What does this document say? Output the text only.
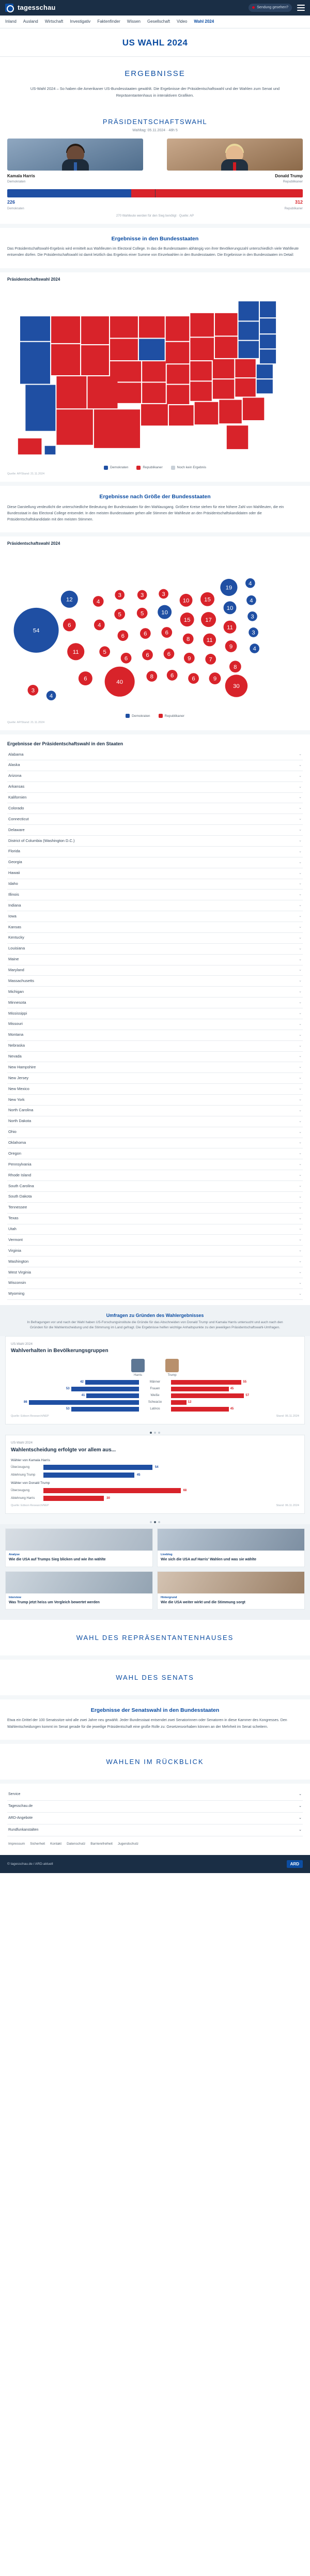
tagesschau	Sendung gesehen?
Inland Ausland Wirtschaft Investigativ Faktenfinder Wissen Gesellschaft Video Wahl 2024
US WAHL 2024
ERGEBNISSE
US-Wahl 2024 – So haben die Amerikaner US-Bundesstaaten gewählt. Die Ergebnisse der Präsidentschaftswahl und der Wahlen zum Senat und Repräsentantenhaus in interaktiven Grafiken.
PRÄSIDENTSCHAFTSWAHL
Wahltag: 05.11.2024 · 48h 5
Kamala Harris
Demokraten
Donald Trump
Republikaner
226	312
Demokraten	Republikaner
270 Wahlleute werden für den Sieg benötigt · Quelle: AP
Ergebnisse in den Bundesstaaten

Das Präsidentschaftswahl-Ergebnis wird ermittelt aus Wahlleuten im Electoral College. In das die Bundesstaaten abhängig von ihrer Bevölkerungszahl unterschiedlich viele Wahlleute entsenden dürfen. Die Präsidentschaftswahl ist damit letztlich das Ergebnis einer Summe von Einzelwahlen in den Bundesstaaten. Die Ergebnisse in den Bundesstaaten im Detail:

Präsidentschaftswahl 2024
Demokraten	Republikaner	Noch kein Ergebnis
Quelle: AP/Stand: 21.11.2024
Ergebnisse nach Größe der Bundesstaaten

Diese Darstellung verdeutlicht die unterschiedliche Bedeutung der Bundesstaaten für den Wahlausgang. Größere Kreise stehen für eine höhere Zahl von Wahlleuten, die ein Bundesstaat in das Electoral College entsendet. In den meisten Bundesstaaten gehen alle Stimmen der Wahlleute an den Präsidentschaftskandidaten oder die Präsidentschaftskandidatin mit den meisten Stimmen.

Präsidentschaftswahl 2024
54
12
6
11
6
4
4
5
3
5
6
6
40
3
5
6
6
8
3
10
6
6
6
10
15
8
9
6
15
17
11
7
9
19
10
11
9
8
30
4
4
3
3
4
3
4
Demokraten	Republikaner
Quelle: AP/Stand: 21.11.2024
Ergebnisse der Präsidentschaftswahl in den Staaten
Alabama	⌄
Alaska	⌄
Arizona	⌄
Arkansas	⌄
Kalifornien	⌄
Colorado	⌄
Connecticut	⌄
Delaware	⌄
District of Columbia (Washington D.C.)	⌄
Florida	⌄
Georgia	⌄
Hawaii	⌄
Idaho	⌄
Illinois	⌄
Indiana	⌄
Iowa	⌄
Kansas	⌄
Kentucky	⌄
Louisiana	⌄
Maine	⌄
Maryland	⌄
Massachusetts	⌄
Michigan	⌄
Minnesota	⌄
Mississippi	⌄
Missouri	⌄
Montana	⌄
Nebraska	⌄
Nevada	⌄
New Hampshire	⌄
New Jersey	⌄
New Mexico	⌄
New York	⌄
North Carolina	⌄
North Dakota	⌄
Ohio	⌄
Oklahoma	⌄
Oregon	⌄
Pennsylvania	⌄
Rhode Island	⌄
South Carolina	⌄
South Dakota	⌄
Tennessee	⌄
Texas	⌄
Utah	⌄
Vermont	⌄
Virginia	⌄
Washington	⌄
West Virginia	⌄
Wisconsin	⌄
Wyoming	⌄
Umfragen zu Gründen des Wahlergebnisses
In Befragungen vor und nach der Wahl haben US-Forschungsinstitute die Gründe für das Abschneiden von Donald Trump und Kamala Harris untersucht und auch nach den Gründen für die Wahlentscheidung und die Stimmung im Land gefragt. Die Ergebnisse helfen wichtige Anhaltspunkte zu den jeweiligen Präsidentschaftswahl-Umfragen.
US-Wahl 2024
Wahlverhalten in Bevölkerungsgruppen
Harris	Trump
42	Männer	55
53	Frauen	45
41	Weiße	57
86	Schwarze	12
53	Latinos	45
Quelle: Edison Research/NEP	Stand: 06.11.2024
US-Wahl 2024
Wahlentscheidung erfolgte vor allem aus...
Wähler von Kamala Harris
Überzeugung	54
Ablehnung Trump	45
Wähler von Donald Trump
Überzeugung	68
Ablehnung Harris	30
Quelle: Edison Research/NEP	Stand: 06.11.2024
Analyse
Wie die USA auf Trumps Sieg blicken und wie ihn wählte
Liveblog
Wie sich die USA auf Harris' Wahlen und was sie wählte
Interview
Was Trump jetzt heiss um Vergleich bewertet werden
Hintergrund
Wie die USA weiter wirkt und die Stimmung sorgt
WAHL DES REPRÄSENTANTENHAUSES
WAHL DES SENATS
Ergebnisse der Senatswahl in den Bundesstaaten

Etwa ein Drittel der 100 Senatssitze wird alle zwei Jahre neu gewählt. Jeder Bundesstaat entsendet zwei Senatorinnen oder Senatoren in diese Kammer des Kongresses. Den Wahlentscheidungen kommt im Senat gerade für die jeweilige Präsidentschaft eine große Rolle zu: Gesetzesvorhaben können an der Mehrheit im Senat scheitern.

WAHLEN IM RÜCKBLICK
Service	⌄
Tagesschau.de	⌄
ARD-Angebote	⌄
Rundfunkanstalten	⌄
Impressum Sicherheit Kontakt Datenschutz Barrierefreiheit Jugendschutz
© tagesschau.de / ARD-aktuell	ARD
